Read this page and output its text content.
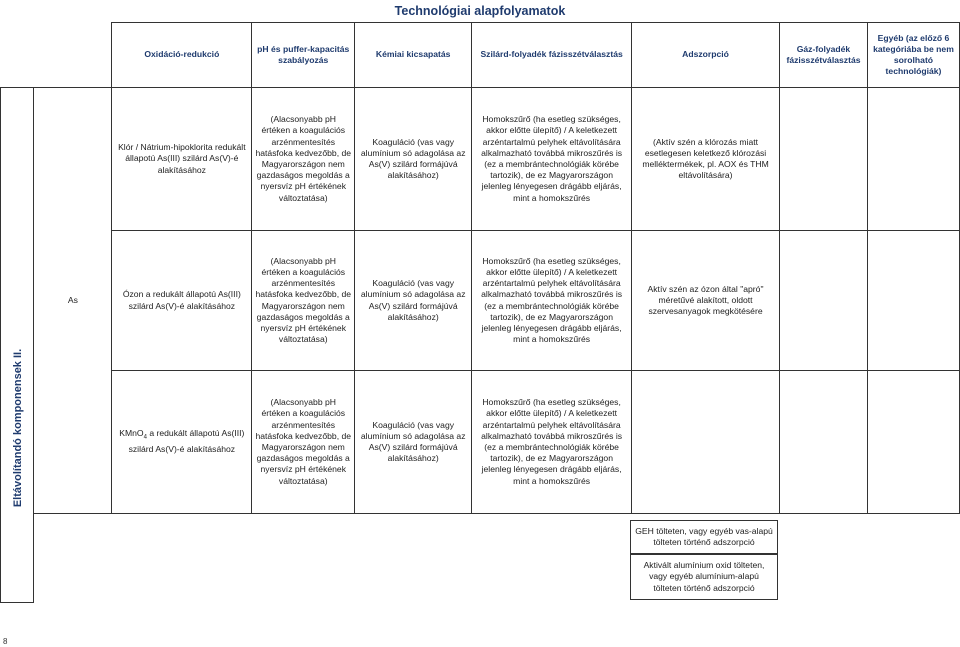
Technológiai alapfolyamatok
		Oxidáció-redukció	pH és puffer-kapacitás szabályozás	Kémiai kicsapatás	Szilárd-folyadék fázisszétválasztás	Adszorpció	Gáz-folyadék fázisszétválasztás	Egyéb (az előző 6 kategóriába be nem sorolható technológiák)
	As	Klór / Nátrium-hipoklorita redukált állapotú As(III) szilárd As(V)-é alakításához	(Alacsonyabb pH értéken a koagulációs arzénmentesítés hatásfoka kedvezőbb, de Magyarországon nem gazdaságos megoldás a nyersvíz pH értékének változtatása)	Koaguláció (vas vagy alumínium só adagolása az As(V) szilárd formájúvá alakításához)	Homokszűrő (ha esetleg szükséges, akkor előtte ülepítő) / A keletkezett arzéntartalmú pelyhek eltávolítására alkalmazható továbbá mikroszűrés is (ez a membrántechnológiák körébe tartozik), de ez Magyarországon jelenleg lényegesen drágább eljárás, mint a homokszűrés	(Aktív szén a klórozás miatt esetlegesen keletkező klórozási melléktermékek, pl. AOX és THM eltávolítására)		
		Ózon a redukált állapotú As(III) szilárd As(V)-é alakításához	(Alacsonyabb pH értéken a koagulációs arzénmentesítés hatásfoka kedvezőbb, de Magyarországon nem gazdaságos megoldás a nyersvíz pH értékének változtatása)	Koaguláció (vas vagy alumínium só adagolása az As(V) szilárd formájúvá alakításához)	Homokszűrő (ha esetleg szükséges, akkor előtte ülepítő) / A keletkezett arzéntartalmú pelyhek eltávolítására alkalmazható továbbá mikroszűrés is (ez a membrántechnológiák körébe tartozik), de ez Magyarországon jelenleg lényegesen drágább eljárás, mint a homokszűrés	Aktív szén az ózon által "apró" méretűvé alakított, oldott szervesanyagok megkötésére		
		KMnO$_4$ a redukált állapotú As(III) szilárd As(V)-é alakításához	(Alacsonyabb pH értéken a koagulációs arzénmentesítés hatásfoka kedvezőbb, de Magyarországon nem gazdaságos megoldás a nyersvíz pH értékének változtatása)	Koaguláció (vas vagy alumínium só adagolása az As(V) szilárd formájúvá alakításához)	Homokszűrő (ha esetleg szükséges, akkor előtte ülepítő) / A keletkezett arzéntartalmú pelyhek eltávolítására alkalmazható továbbá mikroszűrés is (ez a membrántechnológiák körébe tartozik), de ez Magyarországon jelenleg lényegesen drágább eljárás, mint a homokszűrés			
Eltávolítandó komponensek II.
GEH tölteten, vagy egyéb vas-alapú tölteten történő adszorpció
Aktivált alumínium oxid tölteten, vagy egyéb alumínium-alapú tölteten történő adszorpció
8
